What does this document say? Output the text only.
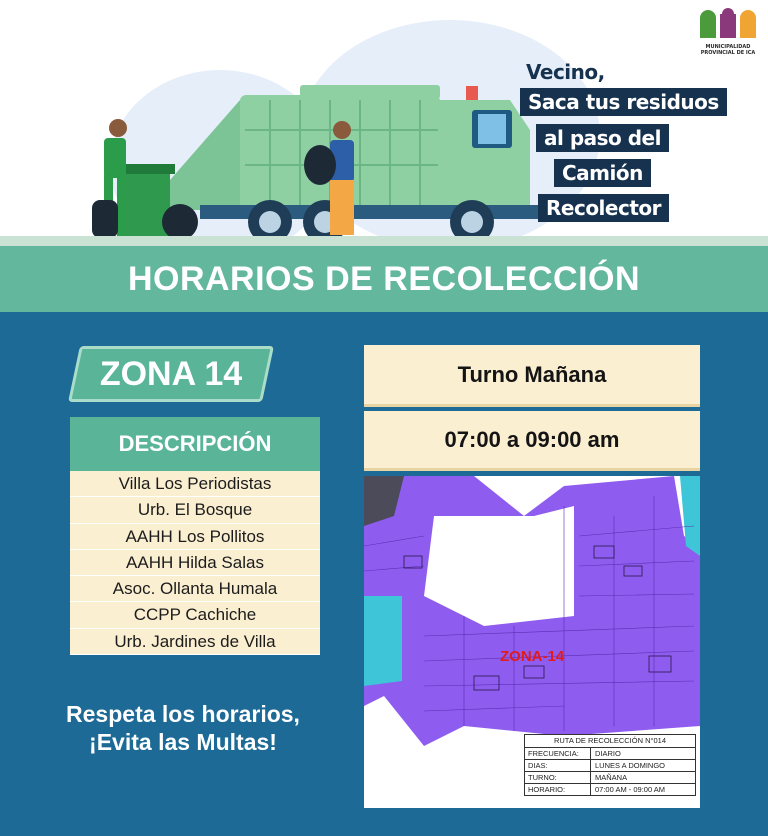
MUNICIPALIDAD
PROVINCIAL DE ICA
Vecino,
Saca tus residuos
al paso del
Camión
Recolector
HORARIOS DE RECOLECCIÓN
ZONA 14
DESCRIPCIÓN
Villa Los Periodistas
Urb. El Bosque
AAHH Los Pollitos
AAHH Hilda Salas
Asoc. Ollanta Humala
CCPP Cachiche
Urb. Jardines de Villa
Turno Mañana
07:00 a 09:00 am
ZONA-14
RUTA DE RECOLECCIÓN N°014
FRECUENCIA:	DIARIO
DIAS:	LUNES A DOMINGO
TURNO:	MAÑANA
HORARIO:	07:00 AM - 09:00 AM
Respeta los horarios,
¡Evita las Multas!
